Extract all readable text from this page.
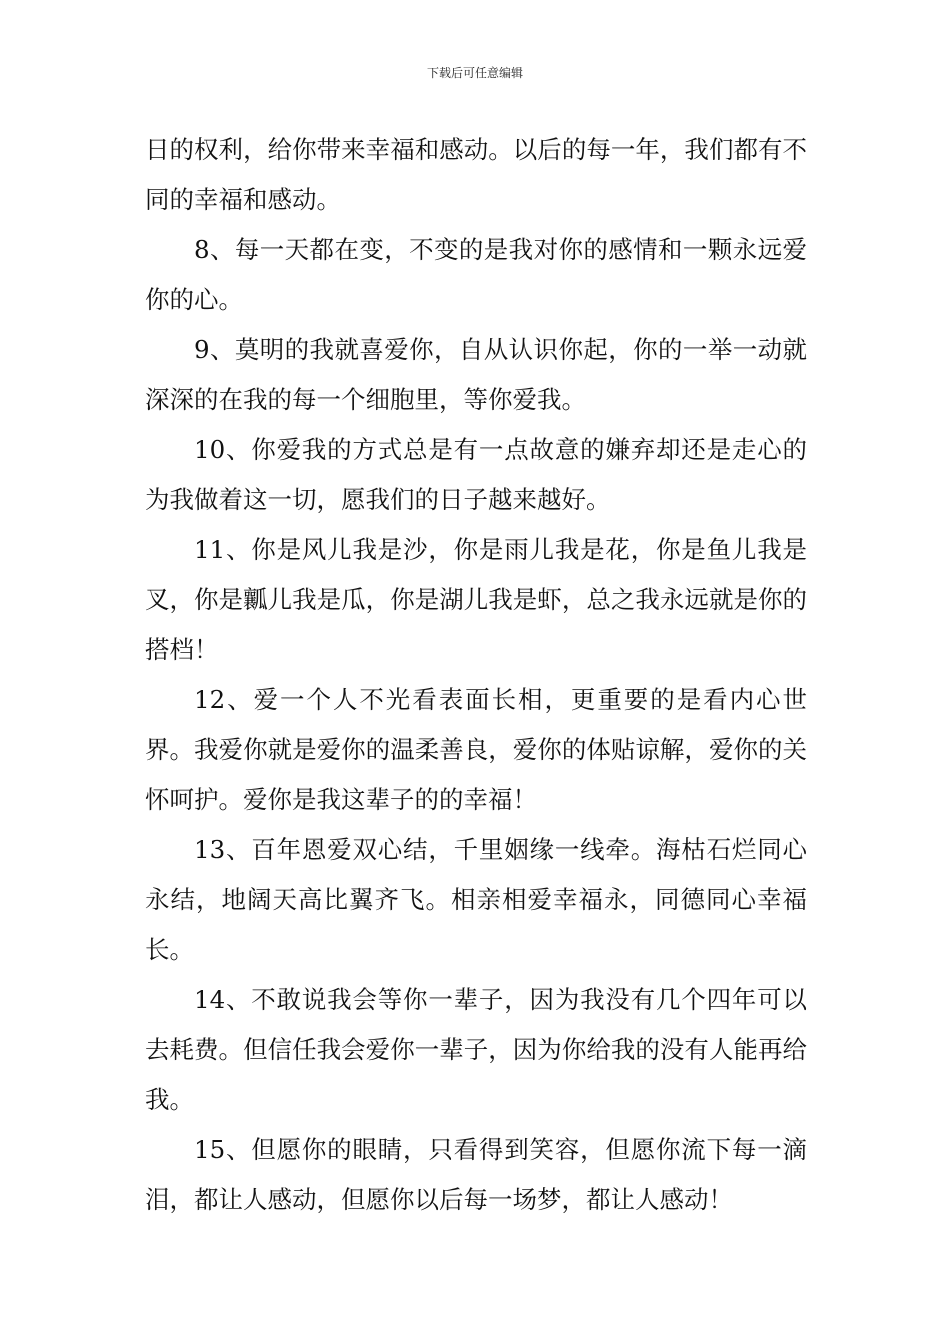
下载后可任意编辑

日的权利，给你带来幸福和感动。以后的每一年，我们都有不同的幸福和感动。

8、每一天都在变，不变的是我对你的感情和一颗永远爱你的心。

9、莫明的我就喜爱你，自从认识你起，你的一举一动就深深的在我的每一个细胞里，等你爱我。

10、你爱我的方式总是有一点故意的嫌弃却还是走心的为我做着这一切，愿我们的日子越来越好。

11、你是风儿我是沙，你是雨儿我是花，你是鱼儿我是叉，你是瓤儿我是瓜，你是湖儿我是虾，总之我永远就是你的搭档！

12、爱一个人不光看表面长相，更重要的是看内心世界。我爱你就是爱你的温柔善良，爱你的体贴谅解，爱你的关怀呵护。爱你是我这辈子的的幸福！

13、百年恩爱双心结，千里姻缘一线牵。海枯石烂同心永结，地阔天高比翼齐飞。相亲相爱幸福永，同德同心幸福长。

14、不敢说我会等你一辈子，因为我没有几个四年可以去耗费。但信任我会爱你一辈子，因为你给我的没有人能再给我。

15、但愿你的眼睛，只看得到笑容，但愿你流下每一滴泪，都让人感动，但愿你以后每一场梦，都让人感动！
